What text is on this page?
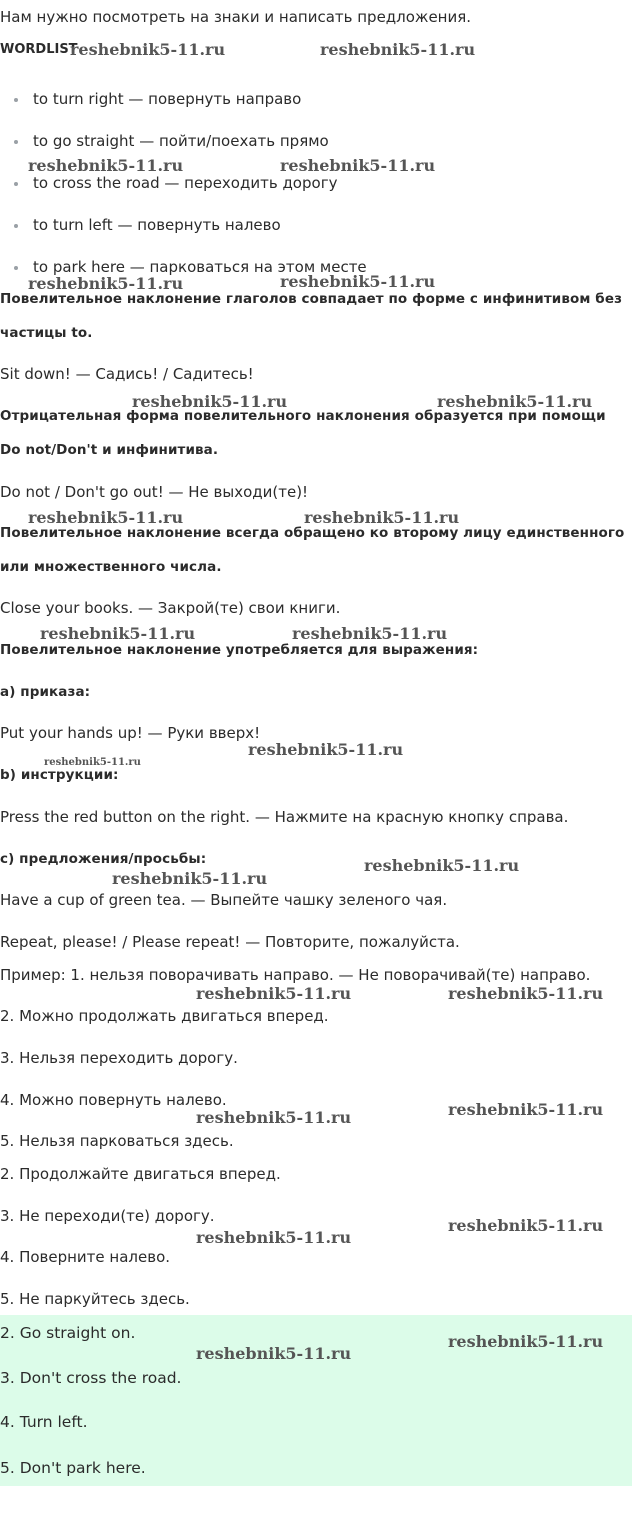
Нам нужно посмотреть на знаки и написать предложения.
WORDLIST
to turn right — повернуть направо
to go straight — пойти/поехать прямо
to cross the road — переходить дорогу
to turn left — повернуть налево
to park here — парковаться на этом месте
Повелительное наклонение глаголов совпадает по форме с инфинитивом без
частицы to.
Sit down! — Садись! / Садитесь!
Отрицательная форма повелительного наклонения образуется при помощи
Do not/Don't и инфинитива.
Do not / Don't go out! — Не выходи(те)!
Повелительное наклонение всегда обращено ко второму лицу единственного
или множественного числа.
Close your books. — Закрой(те) свои книги.
Повелительное наклонение употребляется для выражения:
a) приказа:
Put your hands up! — Руки вверх!
b) инструкции:
Press the red button on the right. — Нажмите на красную кнопку справа.
c) предложения/просьбы:
Have a cup of green tea. — Выпейте чашку зеленого чая.
Repeat, please! / Please repeat! — Повторите, пожалуйста.
Пример: 1. нельзя поворачивать направо. — Не поворачивай(те) направо.
2. Можно продолжать двигаться вперед.
3. Нельзя переходить дорогу.
4. Можно повернуть налево.
5. Нельзя парковаться здесь.
2. Продолжайте двигаться вперед.
3. Не переходи(те) дорогу.
4. Поверните налево.
5. Не паркуйтесь здесь.
2. Go straight on.
3. Don't cross the road.
4. Turn left.
5. Don't park here.
reshebnik5-11.ru	reshebnik5-11.ru
reshebnik5-11.ru	reshebnik5-11.ru
reshebnik5-11.ru	reshebnik5-11.ru
reshebnik5-11.ru	reshebnik5-11.ru
reshebnik5-11.ru	reshebnik5-11.ru
reshebnik5-11.ru	reshebnik5-11.ru
reshebnik5-11.ru
reshebnik5-11.ru
reshebnik5-11.ru
reshebnik5-11.ru
reshebnik5-11.ru	reshebnik5-11.ru
reshebnik5-11.ru	reshebnik5-11.ru
reshebnik5-11.ru
reshebnik5-11.ru
reshebnik5-11.ru
reshebnik5-11.ru
